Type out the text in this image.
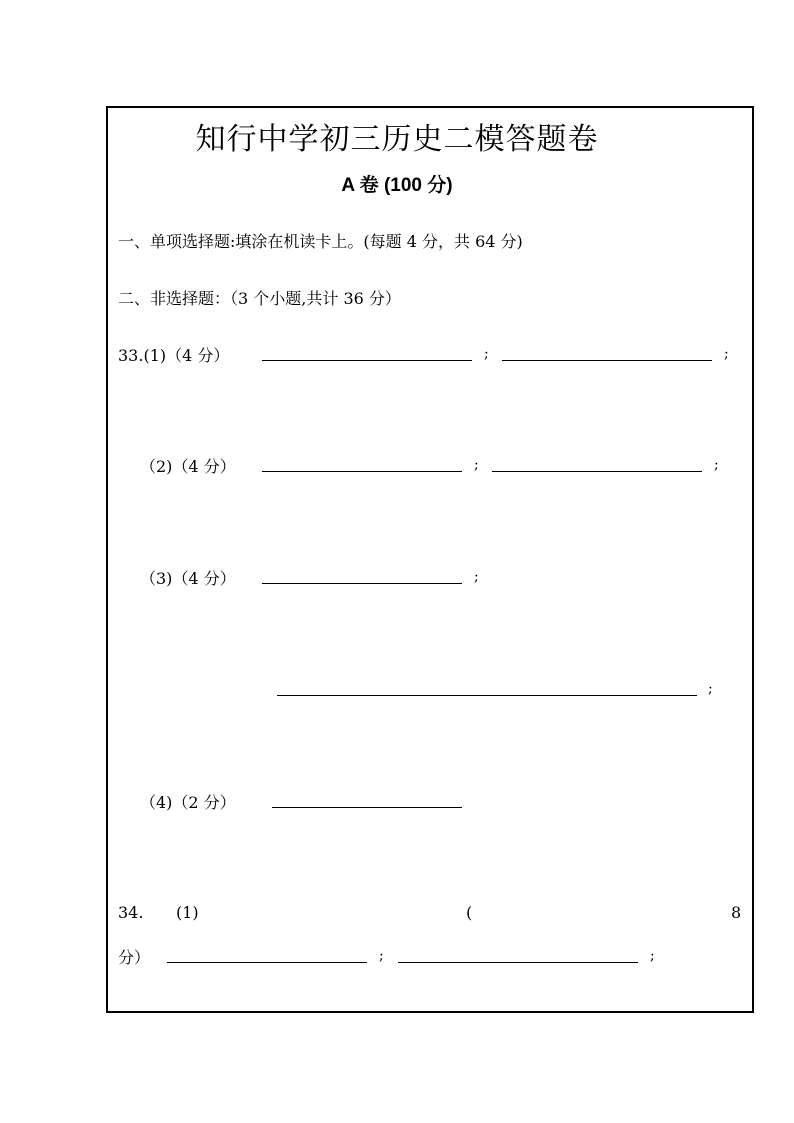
知行中学初三历史二模答题卷
A 卷 (100 分)
一、单项选择题:填涂在机读卡上。(每题 4 分，共 64 分)
二、非选择题：（3 个小题,共计 36 分）
33.(1)（4 分）	;	;
（2)（4 分）	;	;
（3)（4 分）	;
;
（4)（2 分）
34. (1)	(	8
分）	;	;
